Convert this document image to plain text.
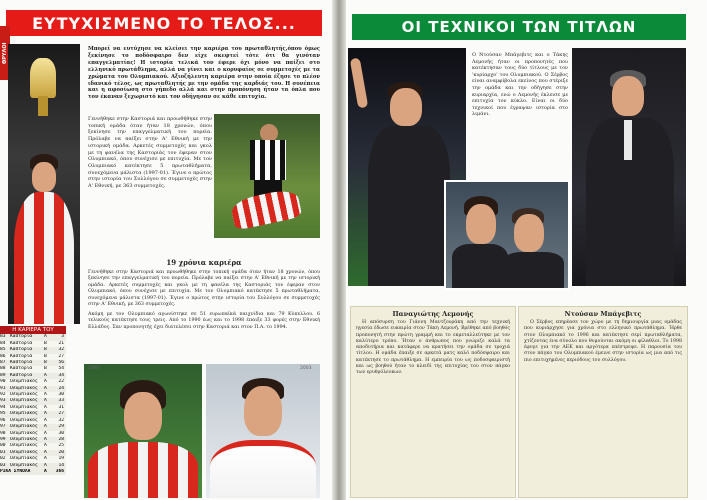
ΕΥΤΥΧΙΣΜΕΝΟ ΤΟ ΤΕΛΟΣ...
ΘΡΥΛΟΙ	Μπορεί να ευτύχησε να κλείσει την καριέρα του πρωταθλητής,όπου όμως ξεκίνησε το ποδόσφαιρο δεν είχε σκεφτεί τότε ότι θα γινόταν επαγγελματίας! Η ιστορία τελικά τον έφερε όχι μόνο να παίξει στο ελληνικό πρωτάθλημα, αλλά να γίνει και ο κορυφαίος σε συμμετοχές με τα χρώματα του Ολυμπιακού. Αξιοζήλευτη καριέρα στην οποία έζησε το πλέον ιδανικό τέλος, ως πρωταθλητής με την ομάδα της καρδιάς του. Η συνέπεια και η αφοσίωση στο γήπεδο αλλά και στην προπόνηση ήταν τα όπλα που τον έκαναν ξεχωριστό και τον οδήγησαν σε κάθε επιτυχία.

Γεννήθηκε στην Καστοριά και προωθήθηκε στην τοπική ομάδα όταν ήταν 18 χρονών, όπου ξεκίνησε την επαγγελματική του πορεία. Πρόλαβε να παίξει στην Α' Εθνική με την ιστορική ομάδα. Αρκετές συμμετοχές και γκολ με τη φανέλα της Καστοριάς τον έφεραν στον Ολυμπιακό, όπου συνέχισε με επιτυχία. Με τον Ολυμπιακό κατέκτησε 5 πρωταθλήματα, συνεχόμενα μάλιστα (1997-01). Έγινε ο πρώτος στην ιστορία του Συλλόγου σε συμμετοχές στην Α' Εθνική, με 363 συμμετοχές.

19 χρόνια καριέρα

Γεννήθηκε στην Καστοριά και προωθήθηκε στην τοπική ομάδα όταν ήταν 18 χρονών, όπου ξεκίνησε την επαγγελματική του πορεία. Πρόλαβε να παίξει στην Α' Εθνική με την ιστορική ομάδα. Αρκετές συμμετοχές και γκολ με τη φανέλα της Καστοριάς τον έφεραν στον Ολυμπιακό, όπου συνέχισε με επιτυχία. Με τον Ολυμπιακό κατέκτησε 5 πρωταθλήματα, συνεχόμενα μάλιστα (1997-01). Έγινε ο πρώτος στην ιστορία του Συλλόγου σε συμμετοχές στην Α' Εθνική, με 363 συμμετοχές.

Ακόμη με τον Ολυμπιακό αγωνίστηκε σε 51 ευρωπαϊκά παιχνίδια και 79 Κύπελλου. 6 τελικούς κατέκτησε τους τρεις. Από το 1990 έως και το 1998 έπαιξε 33 φορές στην Εθνική Ελλάδος. Σαν προπονητής έχει διατελέσει στην Καστοριά και στον Π.Α. το 1994.

Η ΚΑΡΙΕΡΑ ΤΟΥ
83 Καστοριά	Α	3
84 Καστοριά	Β	21
85 Καστοριά	Β	32
86 Καστοριά	Β	27
87 Καστοριά	Β	56
88 Καστοριά	Β	54
89 Καστοριά	Α	34
90 Ολυμπιακός	Α	22
91 Ολυμπιακός	Α	24
92 Ολυμπιακός	Α	30
93 Ολυμπιακός	Α	33
94 Ολυμπιακός	Α	31
95 Ολυμπιακός	Α	27
96 Ολυμπιακός	Α	32
97 Ολυμπιακός	Α	29
98 Ολυμπιακός	Α	30
99 Ολυμπιακός	Α	28
00 Ολυμπιακός	Α	25
01 Ολυμπιακός	Α	20
02 Ολυμπιακός	Α	19
03 Ολυμπιακός	Α	14
ΡΙΚΑ ΣΥΝΟΛΑ	Α	366
1990	2003
ΟΙ ΤΕΧΝΙΚΟΙ ΤΩΝ ΤΙΤΛΩΝ

Ο Ντούσαν Μπάγεβιτς και ο Τάκης Λεμονής ήταν οι προπονητές που κατέκτησαν τους δύο τίτλους με τον 'κυρίαρχο' του Ολυμπιακού. Ο Σέρβος είναι αναμφίβολα εκείνος που στέριξε την ομάδα και την οδήγησε στην κυριαρχία, ενώ ο Λεμονής έκλεισε με επιτυχία τον κύκλο. Είναι οι δύο τεχνικοί που έγραψαν ιστορία στο λιμάνι.

Παναγιώτης Λεμονής
Η απόσυρση του Γιάννη Μαντζουράκη από την τεχνική ηγεσία έδωσε ευκαιρία στον Τάκη Λεμονή. Βρέθηκε από βοηθός προπονητή στην πρώτη γραμμή και το εκμεταλλεύτηκε με τον καλύτερο τρόπο. Ήταν ο άνθρωπος που γνώριζε καλά τα αποδυτήρια και κατάφερε να κρατήσει την ομάδα σε τροχιά τίτλου. Η ομάδα έπαιξε σε αρκετά ματς καλό ποδόσφαιρο και κατέκτησε το πρωτάθλημα. Η εμπειρία του ως ποδοσφαιριστή και ως βοηθού ήταν το κλειδί της επιτυχίας του στον πάγκο των ερυθρόλευκων.
Ντούσαν Μπάγεβιτς
Ο Σέρβος επηρέασε τον χώρο με τη δημιουργία μιας ομάδας που κυριάρχησε για χρόνια στο ελληνικό πρωτάθλημα. Ήρθε στον Ολυμπιακό το 1996 και κατέκτησε σερί πρωταθλήματα, χτίζοντας ένα σύνολο που θυμούνται ακόμη οι φίλαθλοι. Το 1998 έφυγε για την ΑΕΚ και αργότερα επέστρεψε. Η παρουσία του στον πάγκο του Ολυμπιακού έμεινε στην ιστορία ως μια από τις πιο επιτυχημένες περιόδους του συλλόγου.
